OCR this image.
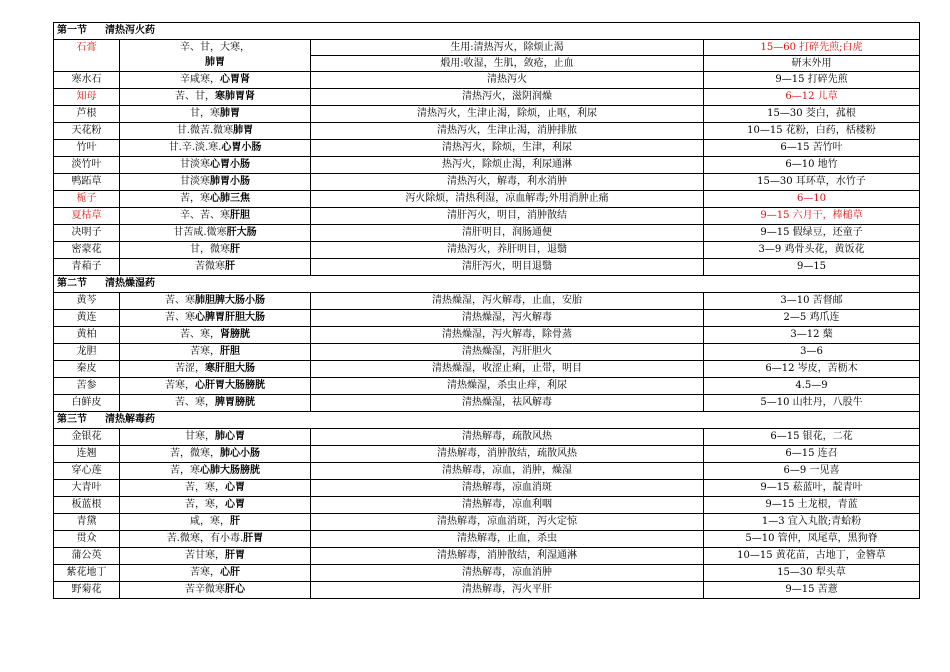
第一节 清热泻火药			
石膏	辛、甘，大寒，	生用:清热泻火，除烦止渴	15—60 打碎先煎;白虎
	肺胃	煅用:收湿，生肌，敛疮，止血	研末外用
寒水石	辛咸寒，心胃肾	清热泻火	9—15 打碎先煎
知母	苦、甘，寒肺胃肾	清热泻火，滋阴润燥	6—12 儿草
芦根	甘，寒肺胃	清热泻火，生津止渴，除烦，止呕，利尿	15—30 茭白，菰根
天花粉	甘.微苦.微寒肺胃	清热泻火，生津止渴，消肿排脓	10—15 花粉，白药，栝楼粉
竹叶	甘.辛.淡.寒.心胃小肠	清热泻火，除烦，生津，利尿	6—15 苦竹叶
淡竹叶	甘淡寒心胃小肠	热泻火，除烦止渴，利尿通淋	6—10 地竹
鸭跖草	甘淡寒肺胃小肠	清热泻火，解毒，利水消肿	15—30 耳环草，水竹子
栀子	苦，寒心肺三焦	泻火除烦，清热利湿，凉血解毒;外用消肿止痛	6—10
夏枯草	辛、苦、寒肝胆	清肝泻火，明目，消肿散结	9—15 六月干，棒槌草
决明子	甘苦咸.微寒肝大肠	清肝明目，润肠通便	9—15 假绿豆，还童子
密蒙花	甘，微寒肝	清热泻火，养肝明目，退翳	3—9 鸡骨头花，黄饭花
青葙子	苦微寒肝	清肝泻火，明目退翳	9—15
第二节 清热燥湿药			
黄芩	苦、寒肺胆脾大肠小肠	清热燥湿，泻火解毒，止血，安胎	3—10 苦督邮
黄连	苦、寒心脾胃肝胆大肠	清热燥湿，泻火解毒	2—5 鸡爪连
黄柏	苦、寒，肾膀胱	清热燥湿，泻火解毒，除骨蒸	3—12 蘖
龙胆	苦寒，肝胆	清热燥湿，泻肝胆火	3—6
秦皮	苦涩，寒肝胆大肠	清热燥湿，收涩止痢，止带，明目	6—12 岑皮，苦枥木
苦参	苦寒，心肝胃大肠膀胱	清热燥湿，杀虫止痒，利尿	4.5—9
白鲜皮	苦、寒，脾胃膀胱	清热燥湿，祛风解毒	5—10 山牡丹，八股牛
第三节 清热解毒药			
金银花	甘寒，肺心胃	清热解毒，疏散风热	6—15 银花，二花
连翘	苦，微寒，肺心小肠	清热解毒，消肿散结，疏散风热	6—15 连召
穿心莲	苦，寒心肺大肠膀胱	清热解毒，凉血，消肿，燥湿	6—9 一见喜
大青叶	苦，寒，心胃	清热解毒，凉血消斑	9—15 菘蓝叶，靛青叶
板蓝根	苦，寒，心胃	清热解毒，凉血利咽	9—15 土龙根，青蓝
青黛	咸，寒，肝	清热解毒，凉血消斑，泻火定惊	1—3 宜入丸散;青蛤粉
贯众	苦.微寒，有小毒.肝胃	清热解毒，止血，杀虫	5—10 管仲，凤尾草，黑狗脊
蒲公英	苦甘寒，肝胃	清热解毒，消肿散结，利湿通淋	10—15 黄花苗，古地丁，金簪草
紫花地丁	苦寒，心肝	清热解毒，凉血消肿	15—30 犁头草
野菊花	苦辛微寒肝心	清热解毒，泻火平肝	9—15 苦薏
